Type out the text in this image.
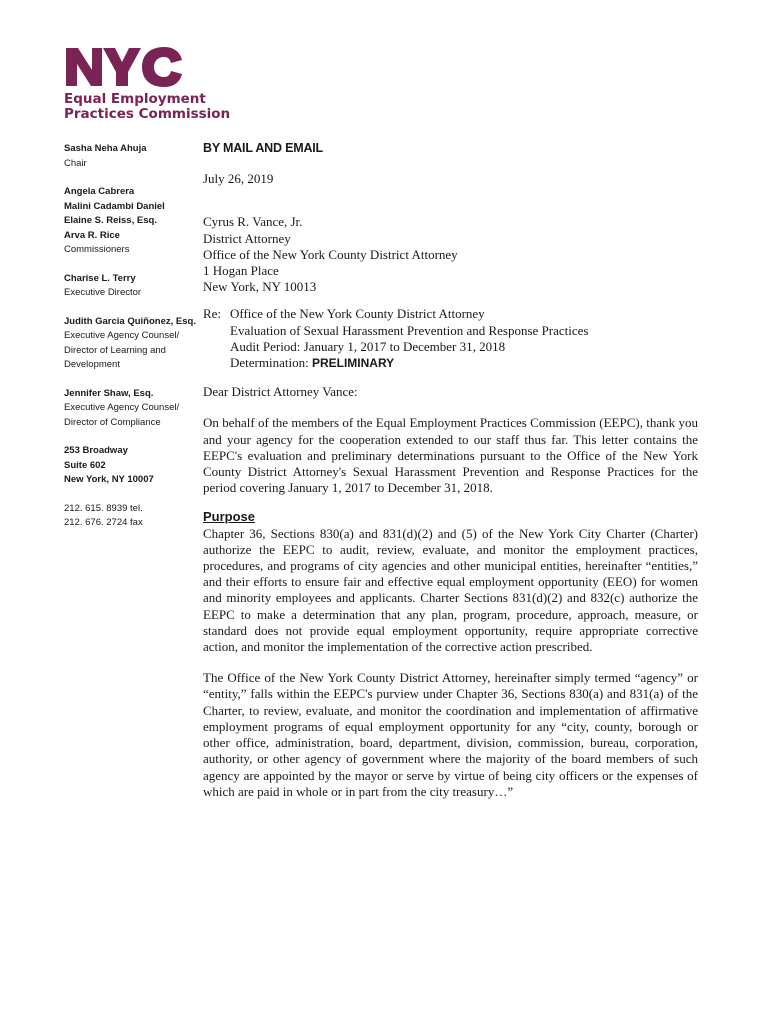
Equal Employment
Practices Commission
Sasha Neha Ahuja
Chair
Angela Cabrera
Malini Cadambi Daniel
Elaine S. Reiss, Esq.
Arva R. Rice
Commissioners
Charise L. Terry
Executive Director
Judith Garcia Quiñonez, Esq.
Executive Agency Counsel/
Director of Learning and
Development
Jennifer Shaw, Esq.
Executive Agency Counsel/
Director of Compliance
253 Broadway
Suite 602
New York, NY 10007
212. 615. 8939 tel.
212. 676. 2724 fax

BY MAIL AND EMAIL

July 26, 2019

Cyrus R. Vance, Jr.
District Attorney
Office of the New York County District Attorney
1 Hogan Place
New York, NY 10013
Re: Office of the New York County District Attorney
Evaluation of Sexual Harassment Prevention and Response Practices
Audit Period: January 1, 2017 to December 31, 2018
Determination: PRELIMINARY

Dear District Attorney Vance:

On behalf of the members of the Equal Employment Practices Commission (EEPC), thank you and your agency for the cooperation extended to our staff thus far. This letter contains the EEPC's evaluation and preliminary determinations pursuant to the Office of the New York County District Attorney's Sexual Harassment Prevention and Response Practices for the period covering January 1, 2017 to December 31, 2018.

Purpose

Chapter 36, Sections 830(a) and 831(d)(2) and (5) of the New York City Charter (Charter) authorize the EEPC to audit, review, evaluate, and monitor the employment practices, procedures, and programs of city agencies and other municipal entities, hereinafter “entities,” and their efforts to ensure fair and effective equal employment opportunity (EEO) for women and minority employees and applicants. Charter Sections 831(d)(2) and 832(c) authorize the EEPC to make a determination that any plan, program, procedure, approach, measure, or standard does not provide equal employment opportunity, require appropriate corrective action, and monitor the implementation of the corrective action prescribed.

The Office of the New York County District Attorney, hereinafter simply termed “agency” or “entity,” falls within the EEPC's purview under Chapter 36, Sections 830(a) and 831(a) of the Charter, to review, evaluate, and monitor the coordination and implementation of affirmative employment programs of equal employment opportunity for any “city, county, borough or other office, administration, board, department, division, commission, bureau, corporation, authority, or other agency of government where the majority of the board members of such agency are appointed by the mayor or serve by virtue of being city officers or the expenses of which are paid in whole or in part from the city treasury…”
